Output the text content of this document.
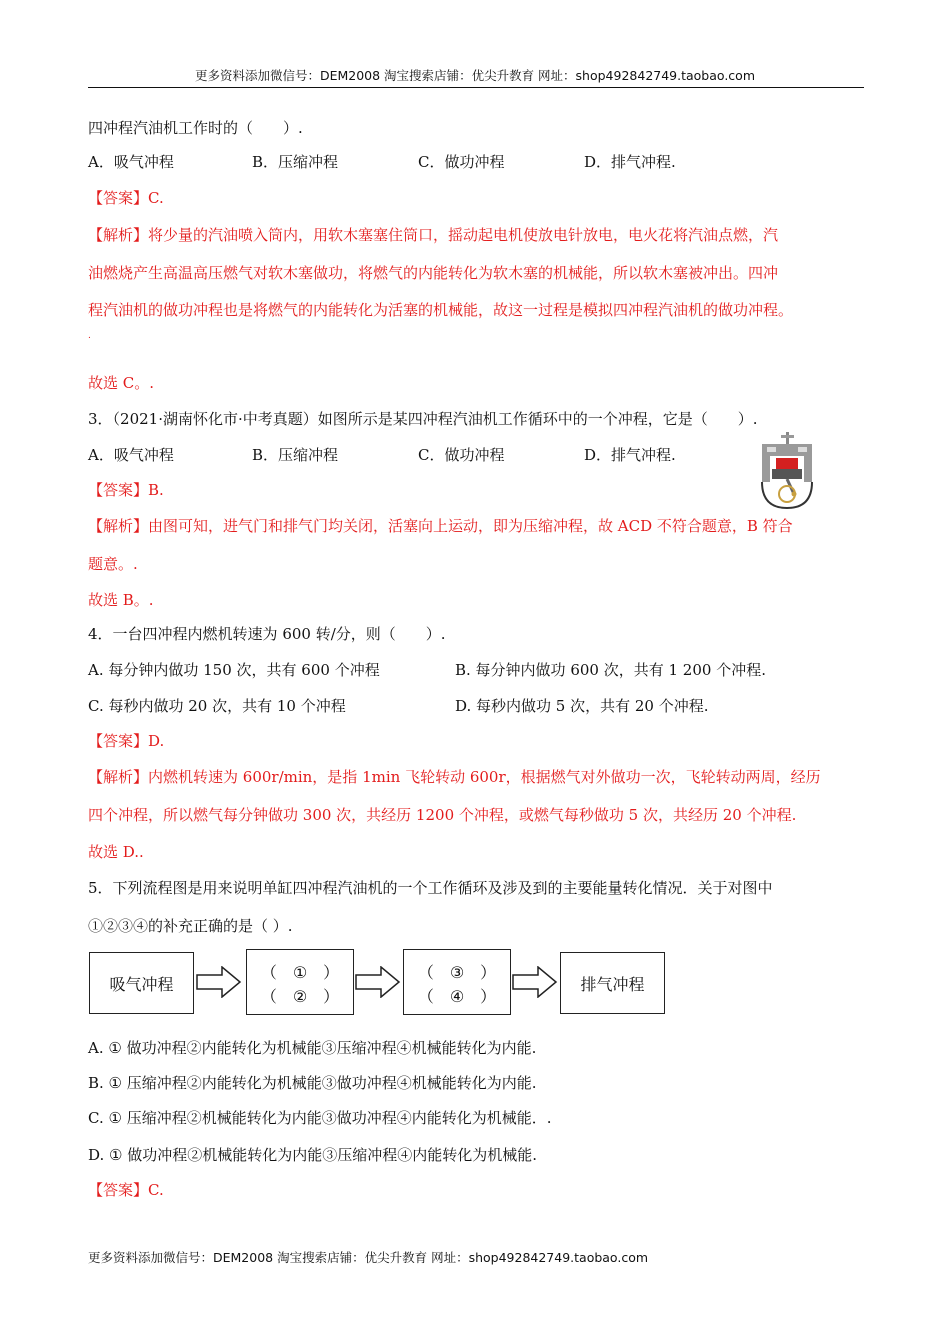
更多资料添加微信号：DEM2008 淘宝搜索店铺：优尖升教育 网址：shop492842749.taobao.com
四冲程汽油机工作时的（　　）.
A．吸气冲程	B．压缩冲程	C．做功冲程	D．排气冲程.
【答案】C.
【解析】将少量的汽油喷入筒内，用软木塞塞住筒口，摇动起电机使放电针放电，电火花将汽油点燃，汽
油燃烧产生高温高压燃气对软木塞做功，将燃气的内能转化为软木塞的机械能，所以软木塞被冲出。四冲
程汽油机的做功冲程也是将燃气的内能转化为活塞的机械能，故这一过程是模拟四冲程汽油机的做功冲程。
.
故选 C。.
3．（2021·湖南怀化市·中考真题）如图所示是某四冲程汽油机工作循环中的一个冲程，它是（　　）.
A．吸气冲程	B．压缩冲程	C．做功冲程	D．排气冲程.
【答案】B.
【解析】由图可知，进气门和排气门均关闭，活塞向上运动，即为压缩冲程，故 ACD 不符合题意，B 符合
题意。.
故选 B。.
4．一台四冲程内燃机转速为 600 转/分，则（　　）.
A. 每分钟内做功 150 次，共有 600 个冲程	B. 每分钟内做功 600 次，共有 1 200 个冲程.
C. 每秒内做功 20 次，共有 10 个冲程	D. 每秒内做功 5 次，共有 20 个冲程.
【答案】D.
【解析】内燃机转速为 600r/min，是指 1min 飞轮转动 600r，根据燃气对外做功一次，飞轮转动两周，经历
四个冲程，所以燃气每分钟做功 300 次，共经历 1200 个冲程，或燃气每秒做功 5 次，共经历 20 个冲程.
故选 D..
5．下列流程图是用来说明单缸四冲程汽油机的一个工作循环及涉及到的主要能量转化情况．关于对图中
①②③④的补充正确的是（ ）.
吸气冲程
（　①　）
（　②　）
（　③　）
（　④　）
排气冲程
A. ① 做功冲程②内能转化为机械能③压缩冲程④机械能转化为内能.
B. ① 压缩冲程②内能转化为机械能③做功冲程④机械能转化为内能.
C. ① 压缩冲程②机械能转化为内能③做功冲程④内能转化为机械能．.
D. ① 做功冲程②机械能转化为内能③压缩冲程④内能转化为机械能.
【答案】C.
更多资料添加微信号：DEM2008 淘宝搜索店铺：优尖升教育 网址：shop492842749.taobao.com
